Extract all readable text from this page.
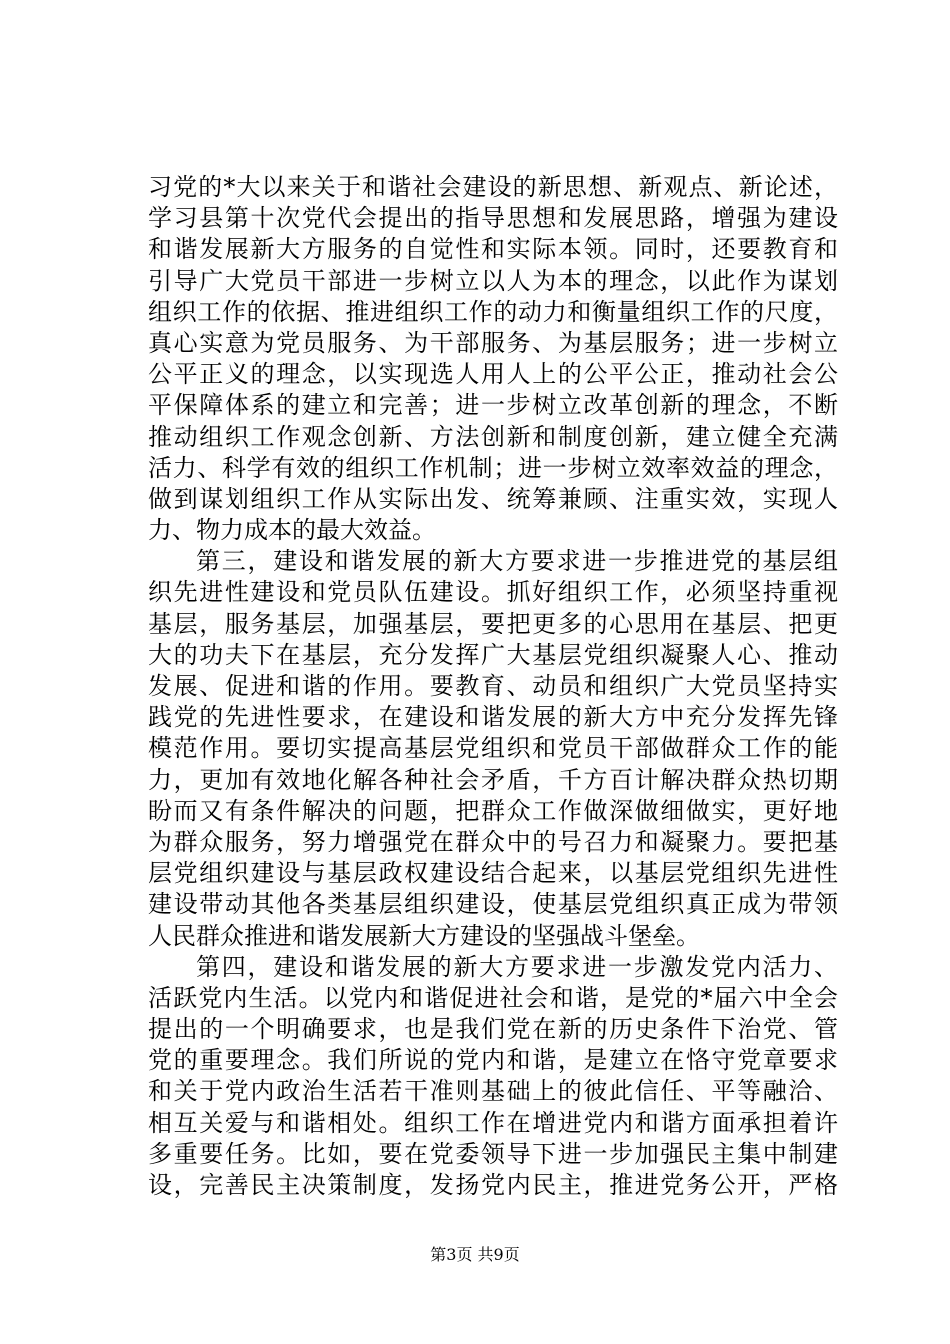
习党的*大以来关于和谐社会建设的新思想、新观点、新论述，
学习县第十次党代会提出的指导思想和发展思路，增强为建设
和谐发展新大方服务的自觉性和实际本领。同时，还要教育和
引导广大党员干部进一步树立以人为本的理念，以此作为谋划
组织工作的依据、推进组织工作的动力和衡量组织工作的尺度，
真心实意为党员服务、为干部服务、为基层服务；进一步树立
公平正义的理念，以实现选人用人上的公平公正，推动社会公
平保障体系的建立和完善；进一步树立改革创新的理念，不断
推动组织工作观念创新、方法创新和制度创新，建立健全充满
活力、科学有效的组织工作机制；进一步树立效率效益的理念，
做到谋划组织工作从实际出发、统筹兼顾、注重实效，实现人
力、物力成本的最大效益。
第三，建设和谐发展的新大方要求进一步推进党的基层组
织先进性建设和党员队伍建设。抓好组织工作，必须坚持重视
基层，服务基层，加强基层，要把更多的心思用在基层、把更
大的功夫下在基层，充分发挥广大基层党组织凝聚人心、推动
发展、促进和谐的作用。要教育、动员和组织广大党员坚持实
践党的先进性要求，在建设和谐发展的新大方中充分发挥先锋
模范作用。要切实提高基层党组织和党员干部做群众工作的能
力，更加有效地化解各种社会矛盾，千方百计解决群众热切期
盼而又有条件解决的问题，把群众工作做深做细做实，更好地
为群众服务，努力增强党在群众中的号召力和凝聚力。要把基
层党组织建设与基层政权建设结合起来，以基层党组织先进性
建设带动其他各类基层组织建设，使基层党组织真正成为带领
人民群众推进和谐发展新大方建设的坚强战斗堡垒。
第四，建设和谐发展的新大方要求进一步激发党内活力、
活跃党内生活。以党内和谐促进社会和谐，是党的*届六中全会
提出的一个明确要求，也是我们党在新的历史条件下治党、管
党的重要理念。我们所说的党内和谐，是建立在恪守党章要求
和关于党内政治生活若干准则基础上的彼此信任、平等融洽、
相互关爱与和谐相处。组织工作在增进党内和谐方面承担着许
多重要任务。比如，要在党委领导下进一步加强民主集中制建
设，完善民主决策制度，发扬党内民主，推进党务公开，严格
第3页 共9页
